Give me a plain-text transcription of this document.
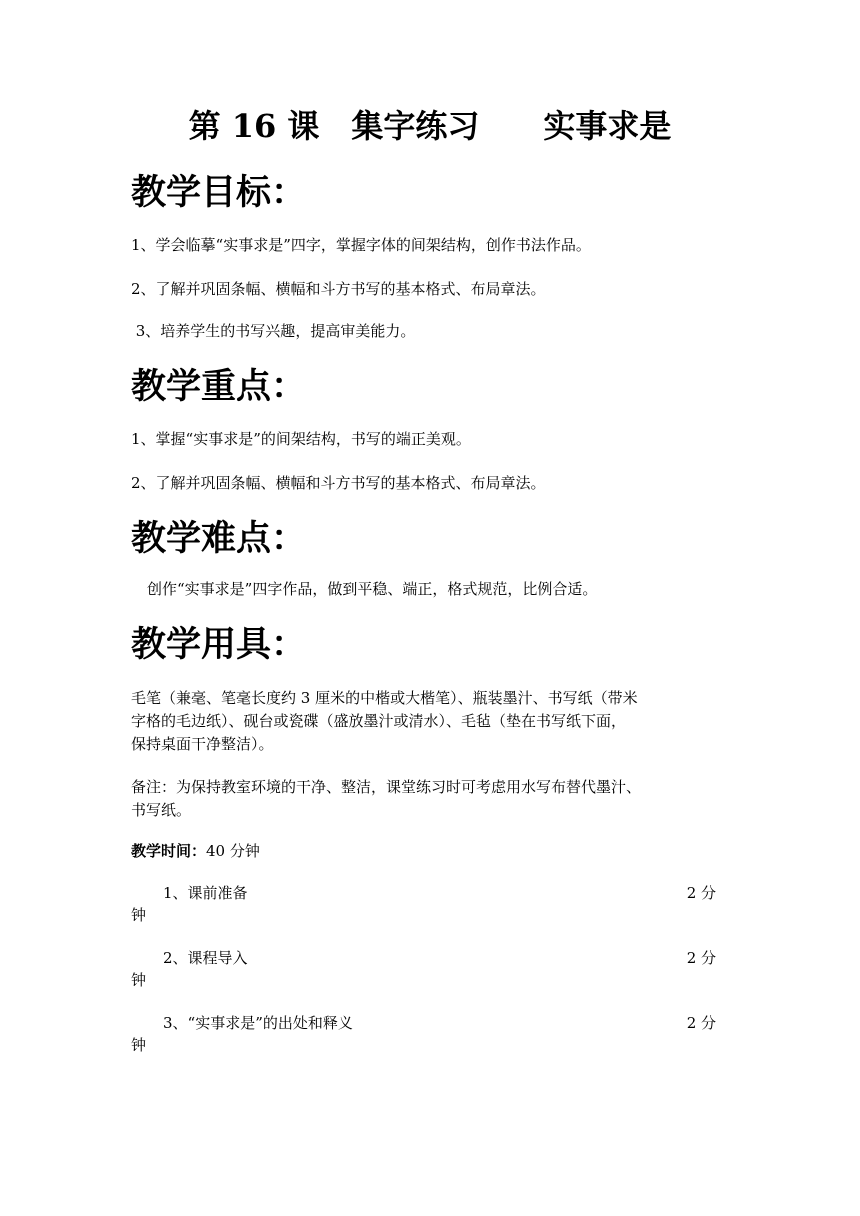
第 16 课　集字练习　　实事求是
教学目标：
1、学会临摹“实事求是”四字，掌握字体的间架结构，创作书法作品。
2、了解并巩固条幅、横幅和斗方书写的基本格式、布局章法。
3、培养学生的书写兴趣，提高审美能力。
教学重点：
1、掌握“实事求是”的间架结构，书写的端正美观。
2、了解并巩固条幅、横幅和斗方书写的基本格式、布局章法。
教学难点：
创作“实事求是”四字作品，做到平稳、端正，格式规范，比例合适。
教学用具：
毛笔（兼毫、笔毫长度约 3 厘米的中楷或大楷笔）、瓶装墨汁、书写纸（带米
字格的毛边纸）、砚台或瓷碟（盛放墨汁或清水）、毛毡（垫在书写纸下面，
保持桌面干净整洁）。
备注：为保持教室环境的干净、整洁，课堂练习时可考虑用水写布替代墨汁、
书写纸。
教学时间：40 分钟
1、课前准备	2 分
钟
2、课程导入	2 分
钟
3、“实事求是”的出处和释义	2 分
钟
